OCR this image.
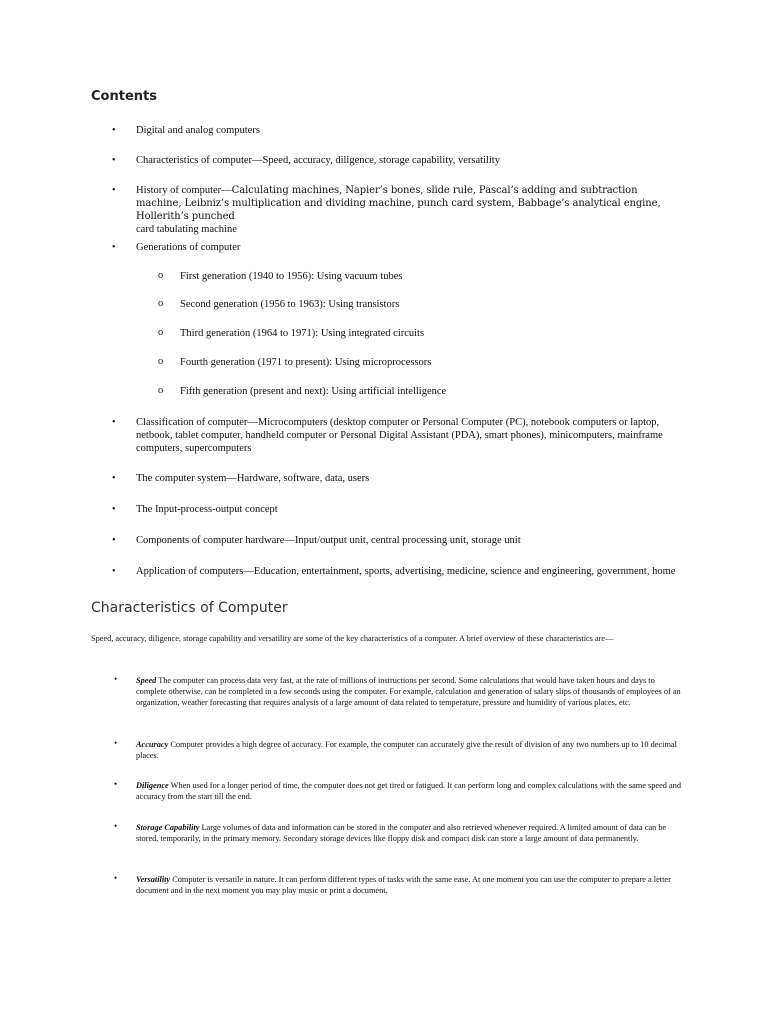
Contents
• Digital and analog computers
• Characteristics of computer—Speed, accuracy, diligence, storage capability, versatility
• History of computer—Calculating machines, Napier’s bones, slide rule, Pascal’s adding and subtraction machine, Leibniz’s multiplication and dividing machine, punch card system, Babbage’s analytical engine, Hollerith’s punched
card tabulating machine
• Generations of computer
o First generation (1940 to 1956): Using vacuum tubes
o Second generation (1956 to 1963): Using transistors
o Third generation (1964 to 1971): Using integrated circuits
o Fourth generation (1971 to present): Using microprocessors
o Fifth generation (present and next): Using artificial intelligence
• Classification of computer—Microcomputers (desktop computer or Personal Computer (PC), notebook computers or laptop, netbook, tablet computer, handheld computer or Personal Digital Assistant (PDA), smart phones), minicomputers, mainframe computers, supercomputers
• The computer system—Hardware, software, data, users
• The Input-process-output concept
• Components of computer hardware—Input/output unit, central processing unit, storage unit
• Application of computers—Education, entertainment, sports, advertising, medicine, science and engineering, government, home
Characteristics of Computer

Speed, accuracy, diligence, storage capability and versatility are some of the key characteristics of a computer. A brief overview of these characteristics are—

• Speed The computer can process data very fast, at the rate of millions of instructions per second. Some calculations that would have taken hours and days to complete otherwise, can be completed in a few seconds using the computer. For example, calculation and generation of salary slips of thousands of employees of an organization, weather forecasting that requires analysis of a large amount of data related to temperature, pressure and humidity of various places, etc.
• Accuracy Computer provides a high degree of accuracy. For example, the computer can accurately give the result of division of any two numbers up to 10 decimal places.
• Diligence When used for a longer period of time, the computer does not get tired or fatigued. It can perform long and complex calculations with the same speed and accuracy from the start till the end.
• Storage Capability Large volumes of data and information can be stored in the computer and also retrieved whenever required. A limited amount of data can be stored, temporarily, in the primary memory. Secondary storage devices like floppy disk and compact disk can store a large amount of data permanently.
• Versatility Computer is versatile in nature. It can perform different types of tasks with the same ease. At one moment you can use the computer to prepare a letter document and in the next moment you may play music or print a document.
